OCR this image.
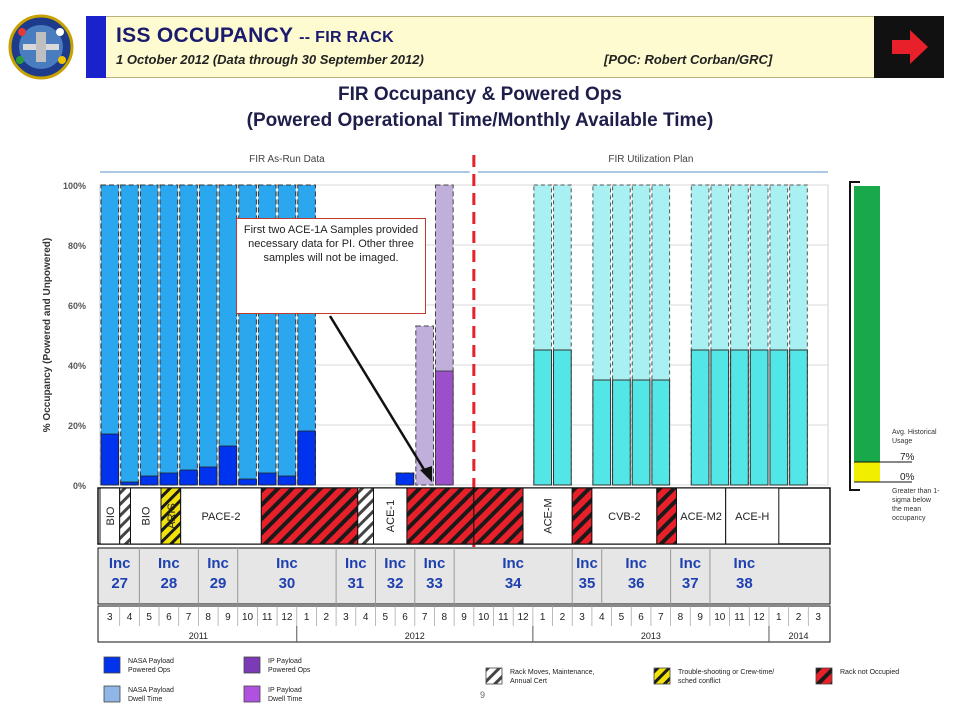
ISS OCCUPANCY -- FIR RACK
1 October 2012 (Data through 30 September 2012)	[POC: Robert Corban/GRC]
FIR Occupancy & Powered Ops
(Powered Operational Time/Monthly Available Time)
0%
20%
40%
60%
80%
100%
% Occupancy (Powered and Unpowered)
FIR As-Run Data	FIR Utilization Plan
BIO BIO ARIS PACE-2	ACE-1	ACE-M	CVB-2	ACE-M2 ACE-H
Inc
27
Inc
28
Inc
29
Inc
30
Inc
31
Inc
32
Inc
33
Inc
34
Inc
35
Inc
36
Inc
37
Inc
38
3 4 5 6 7 8 9 10 11 12 1 2 3 4 5 6 7 8 9 10 11 12 1 2 3 4 5 6 7 8 9 10 11 12 1 2 3
2011	2012	2013	2014
Avg. Historical
Usage
7%
0%
Greater than 1-
sigma below
the mean
occupancy
NASA Payload
Powered Ops
IP Payload
Powered Ops
NASA Payload
Dwell Time
IP Payload
Dwell Time
Rack Moves, Maintenance,
Annual Cert
Trouble-shooting or Crew-time/
sched conflict
Rack not Occupied
First two ACE-1A Samples provided necessary data for PI. Other three samples will not be imaged.
9
